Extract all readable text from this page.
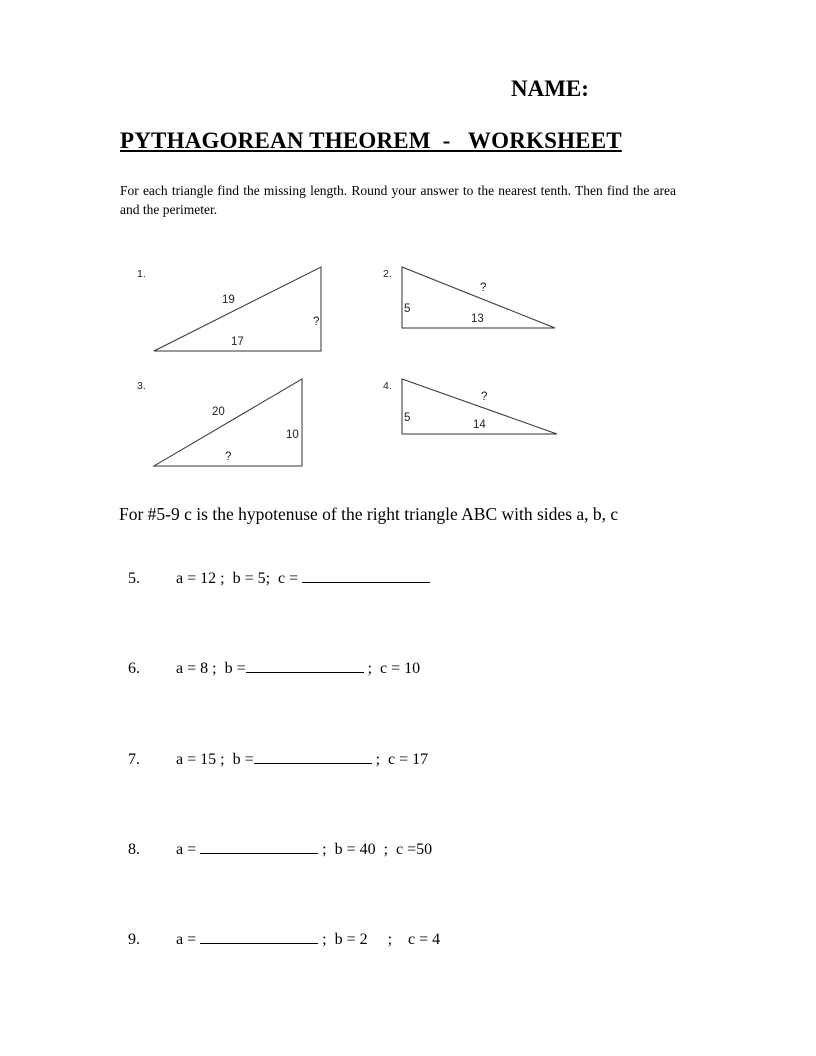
NAME:
PYTHAGOREAN THEOREM  -   WORKSHEET
For each triangle find the missing length. Round your answer to the nearest tenth. Then find the area and the perimeter.
1.
19
17
?
2.
?
13
5
3.
20
?
10
4.
?
14
5
For #5-9 c is the hypotenuse of the right triangle ABC with sides a, b, c

5. a = 12 ;  b = 5;  c =

6. a = 8 ;  b =	;  c = 10

7. a = 15 ;  b =	;  c = 17

8. a =	;  b = 40  ;  c =50

9. a =	;  b = 2     ;    c = 4
